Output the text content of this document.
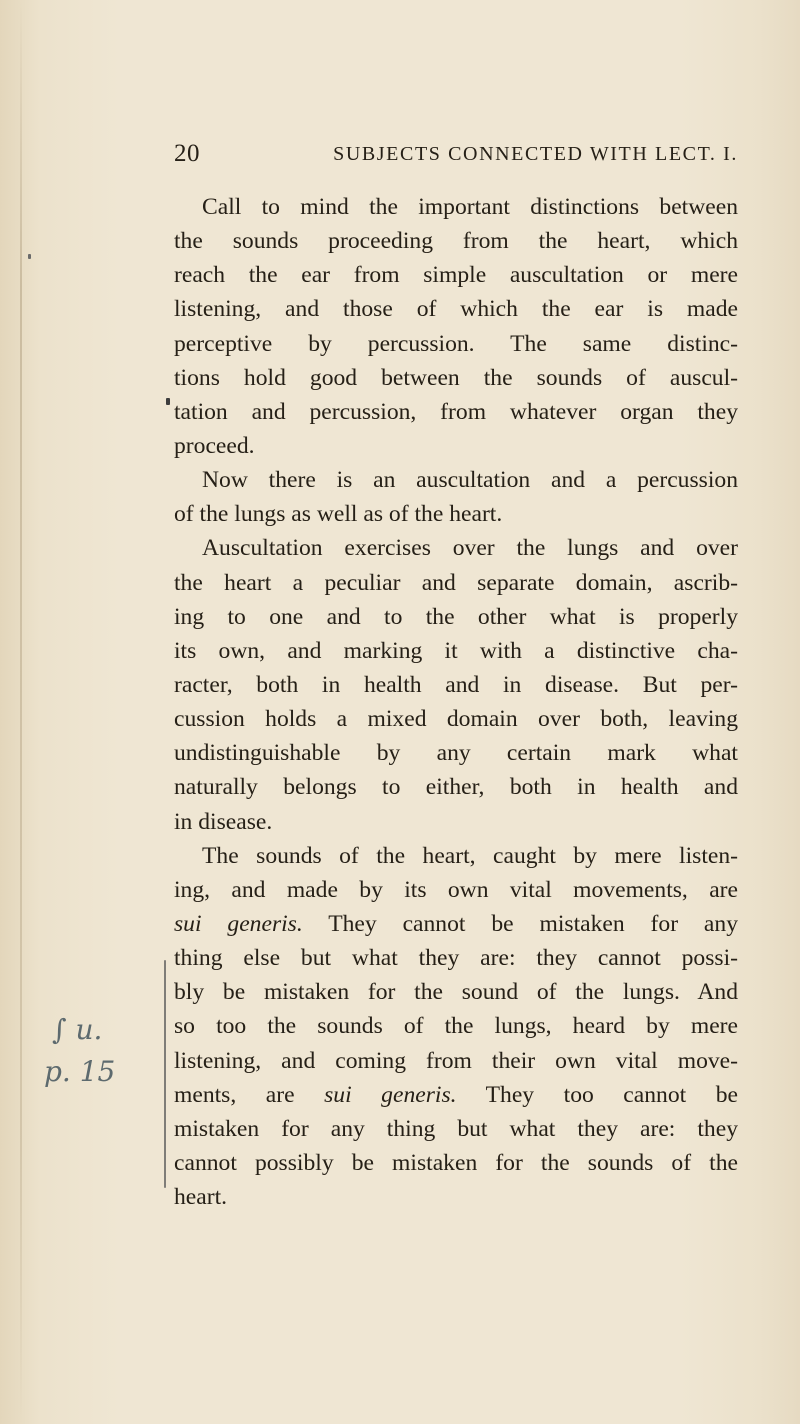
20	SUBJECTS CONNECTED WITH LECT. I.
Call to mind the important distinctions between
the sounds proceeding from the heart, which
reach the ear from simple auscultation or mere
listening, and those of which the ear is made
perceptive by percussion. The same distinc-
tions hold good between the sounds of auscul-
tation and percussion, from whatever organ they
proceed.
Now there is an auscultation and a percussion
of the lungs as well as of the heart.
Auscultation exercises over the lungs and over
the heart a peculiar and separate domain, ascrib-
ing to one and to the other what is properly
its own, and marking it with a distinctive cha-
racter, both in health and in disease. But per-
cussion holds a mixed domain over both, leaving
undistinguishable by any certain mark what
naturally belongs to either, both in health and
in disease.
The sounds of the heart, caught by mere listen-
ing, and made by its own vital movements, are
sui generis. They cannot be mistaken for any
thing else but what they are: they cannot possi-
bly be mistaken for the sound of the lungs. And
so too the sounds of the lungs, heard by mere
listening, and coming from their own vital move-
ments, are sui generis. They too cannot be
mistaken for any thing but what they are: they
cannot possibly be mistaken for the sounds of the
heart.
∫ u.
p. 15
